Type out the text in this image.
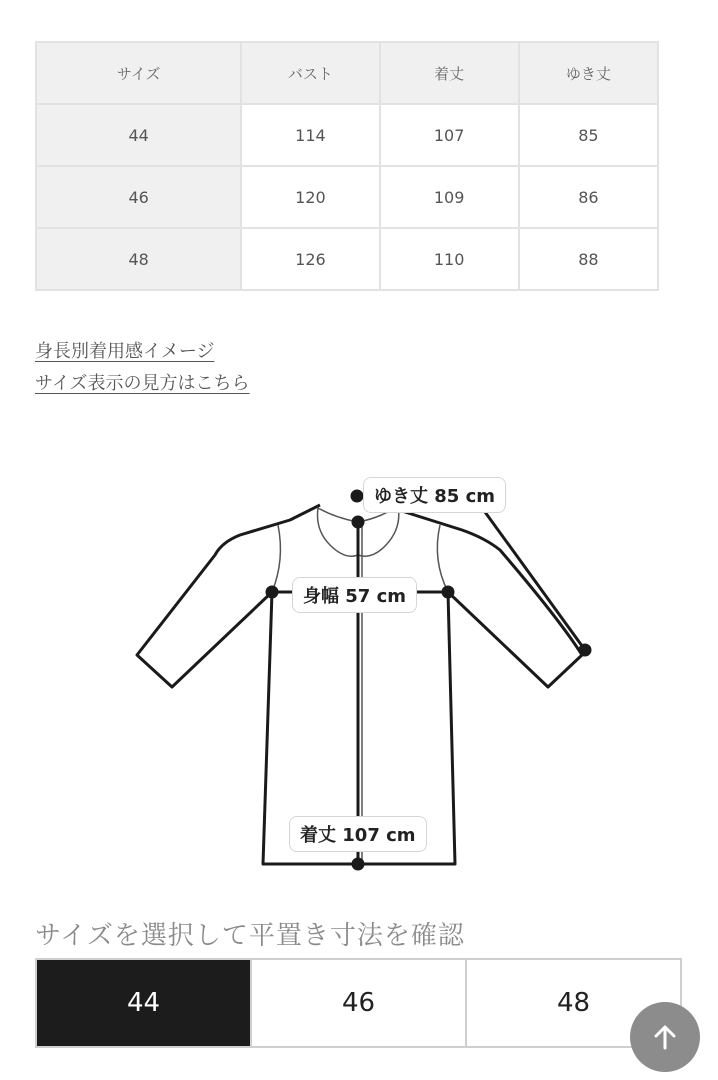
サイズ	バスト	着丈	ゆき丈
44	114	107	85
46	120	109	86
48	126	110	88
身長別着用感イメージ
サイズ表示の見方はこちら
ゆき丈 85 cm
身幅 57 cm
着丈 107 cm
サイズを選択して平置き寸法を確認
44	46	48
